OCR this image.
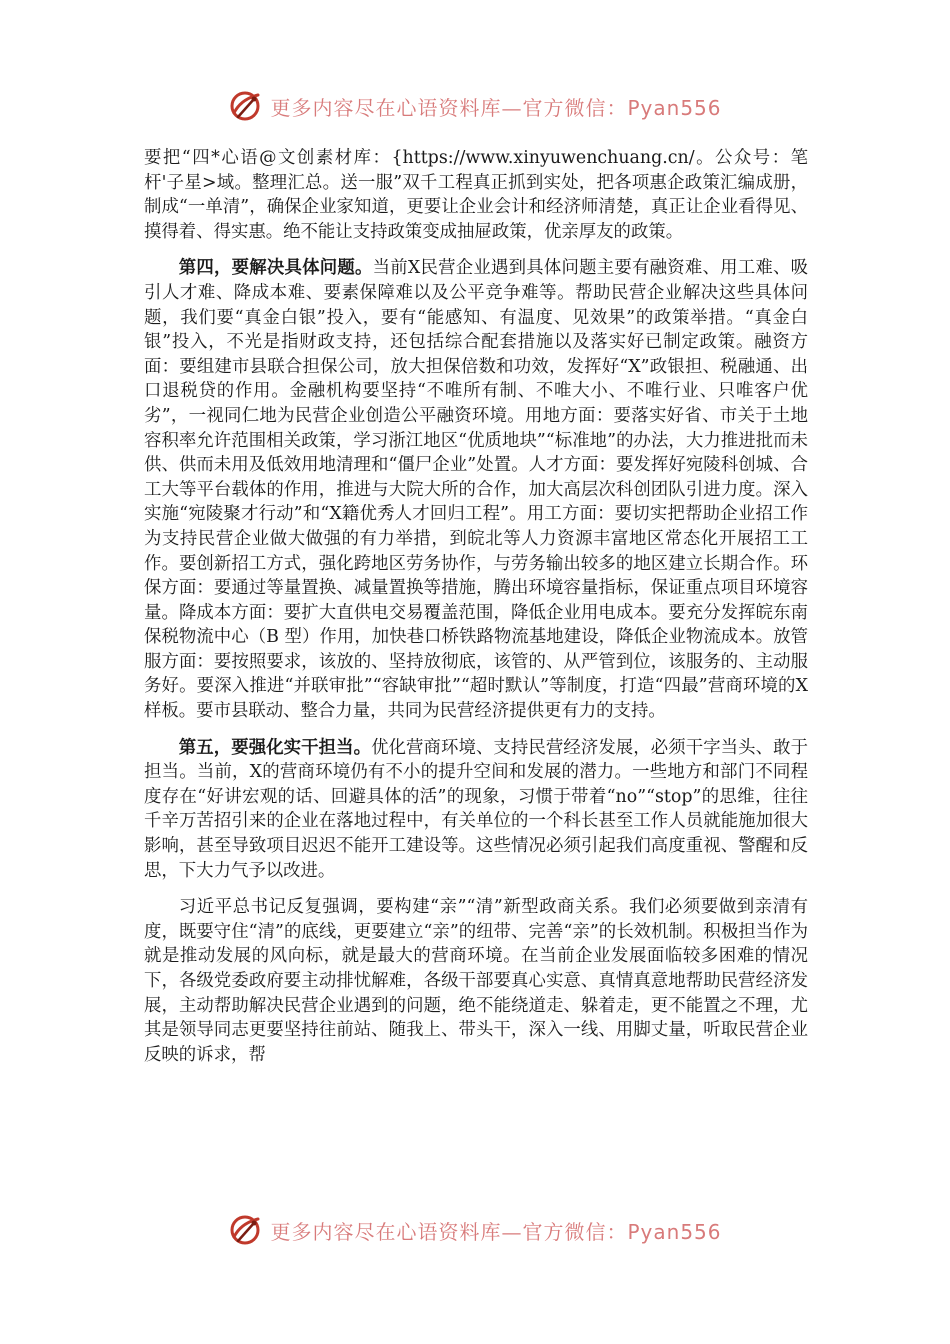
更多内容尽在心语资料库—官方微信：Pyan556

要把“四*心语@文创素材库：{https://www.xinyuwenchuang.cn/。公众号：笔杆'子星>域。整理汇总。送一服”双千工程真正抓到实处，把各项惠企政策汇编成册，制成“一单清”，确保企业家知道，更要让企业会计和经济师清楚，真正让企业看得见、摸得着、得实惠。绝不能让支持政策变成抽屉政策，优亲厚友的政策。

第四，要解决具体问题。当前X民营企业遇到具体问题主要有融资难、用工难、吸引人才难、降成本难、要素保障难以及公平竞争难等。帮助民营企业解决这些具体问题，我们要“真金白银”投入，要有“能感知、有温度、见效果”的政策举措。“真金白银”投入，不光是指财政支持，还包括综合配套措施以及落实好已制定政策。融资方面：要组建市县联合担保公司，放大担保倍数和功效，发挥好“X”政银担、税融通、出口退税贷的作用。金融机构要坚持“不唯所有制、不唯大小、不唯行业、只唯客户优劣”，一视同仁地为民营企业创造公平融资环境。用地方面：要落实好省、市关于土地容积率允许范围相关政策，学习浙江地区“优质地块”“标准地”的办法，大力推进批而未供、供而未用及低效用地清理和“僵尸企业”处置。人才方面：要发挥好宛陵科创城、合工大等平台载体的作用，推进与大院大所的合作，加大高层次科创团队引进力度。深入实施“宛陵聚才行动”和“X籍优秀人才回归工程”。用工方面：要切实把帮助企业招工作为支持民营企业做大做强的有力举措，到皖北等人力资源丰富地区常态化开展招工工作。要创新招工方式，强化跨地区劳务协作，与劳务输出较多的地区建立长期合作。环保方面：要通过等量置换、减量置换等措施，腾出环境容量指标，保证重点项目环境容量。降成本方面：要扩大直供电交易覆盖范围，降低企业用电成本。要充分发挥皖东南保税物流中心（B 型）作用，加快巷口桥铁路物流基地建设，降低企业物流成本。放管服方面：要按照要求，该放的、坚持放彻底，该管的、从严管到位，该服务的、主动服务好。要深入推进“并联审批”“容缺审批”“超时默认”等制度，打造“四最”营商环境的X样板。要市县联动、整合力量，共同为民营经济提供更有力的支持。

第五，要强化实干担当。优化营商环境、支持民营经济发展，必须干字当头、敢于担当。当前，X的营商环境仍有不小的提升空间和发展的潜力。一些地方和部门不同程度存在“好讲宏观的话、回避具体的活”的现象，习惯于带着“no”“stop”的思维，往往千辛万苦招引来的企业在落地过程中，有关单位的一个科长甚至工作人员就能施加很大影响，甚至导致项目迟迟不能开工建设等。这些情况必须引起我们高度重视、警醒和反思，下大力气予以改进。

习近平总书记反复强调，要构建“亲”“清”新型政商关系。我们必须要做到亲清有度，既要守住“清”的底线，更要建立“亲”的纽带、完善“亲”的长效机制。积极担当作为就是推动发展的风向标，就是最大的营商环境。在当前企业发展面临较多困难的情况下，各级党委政府要主动排忧解难，各级干部要真心实意、真情真意地帮助民营经济发展，主动帮助解决民营企业遇到的问题，绝不能绕道走、躲着走，更不能置之不理，尤其是领导同志更要坚持往前站、随我上、带头干，深入一线、用脚丈量，听取民营企业反映的诉求，帮

更多内容尽在心语资料库—官方微信：Pyan556
